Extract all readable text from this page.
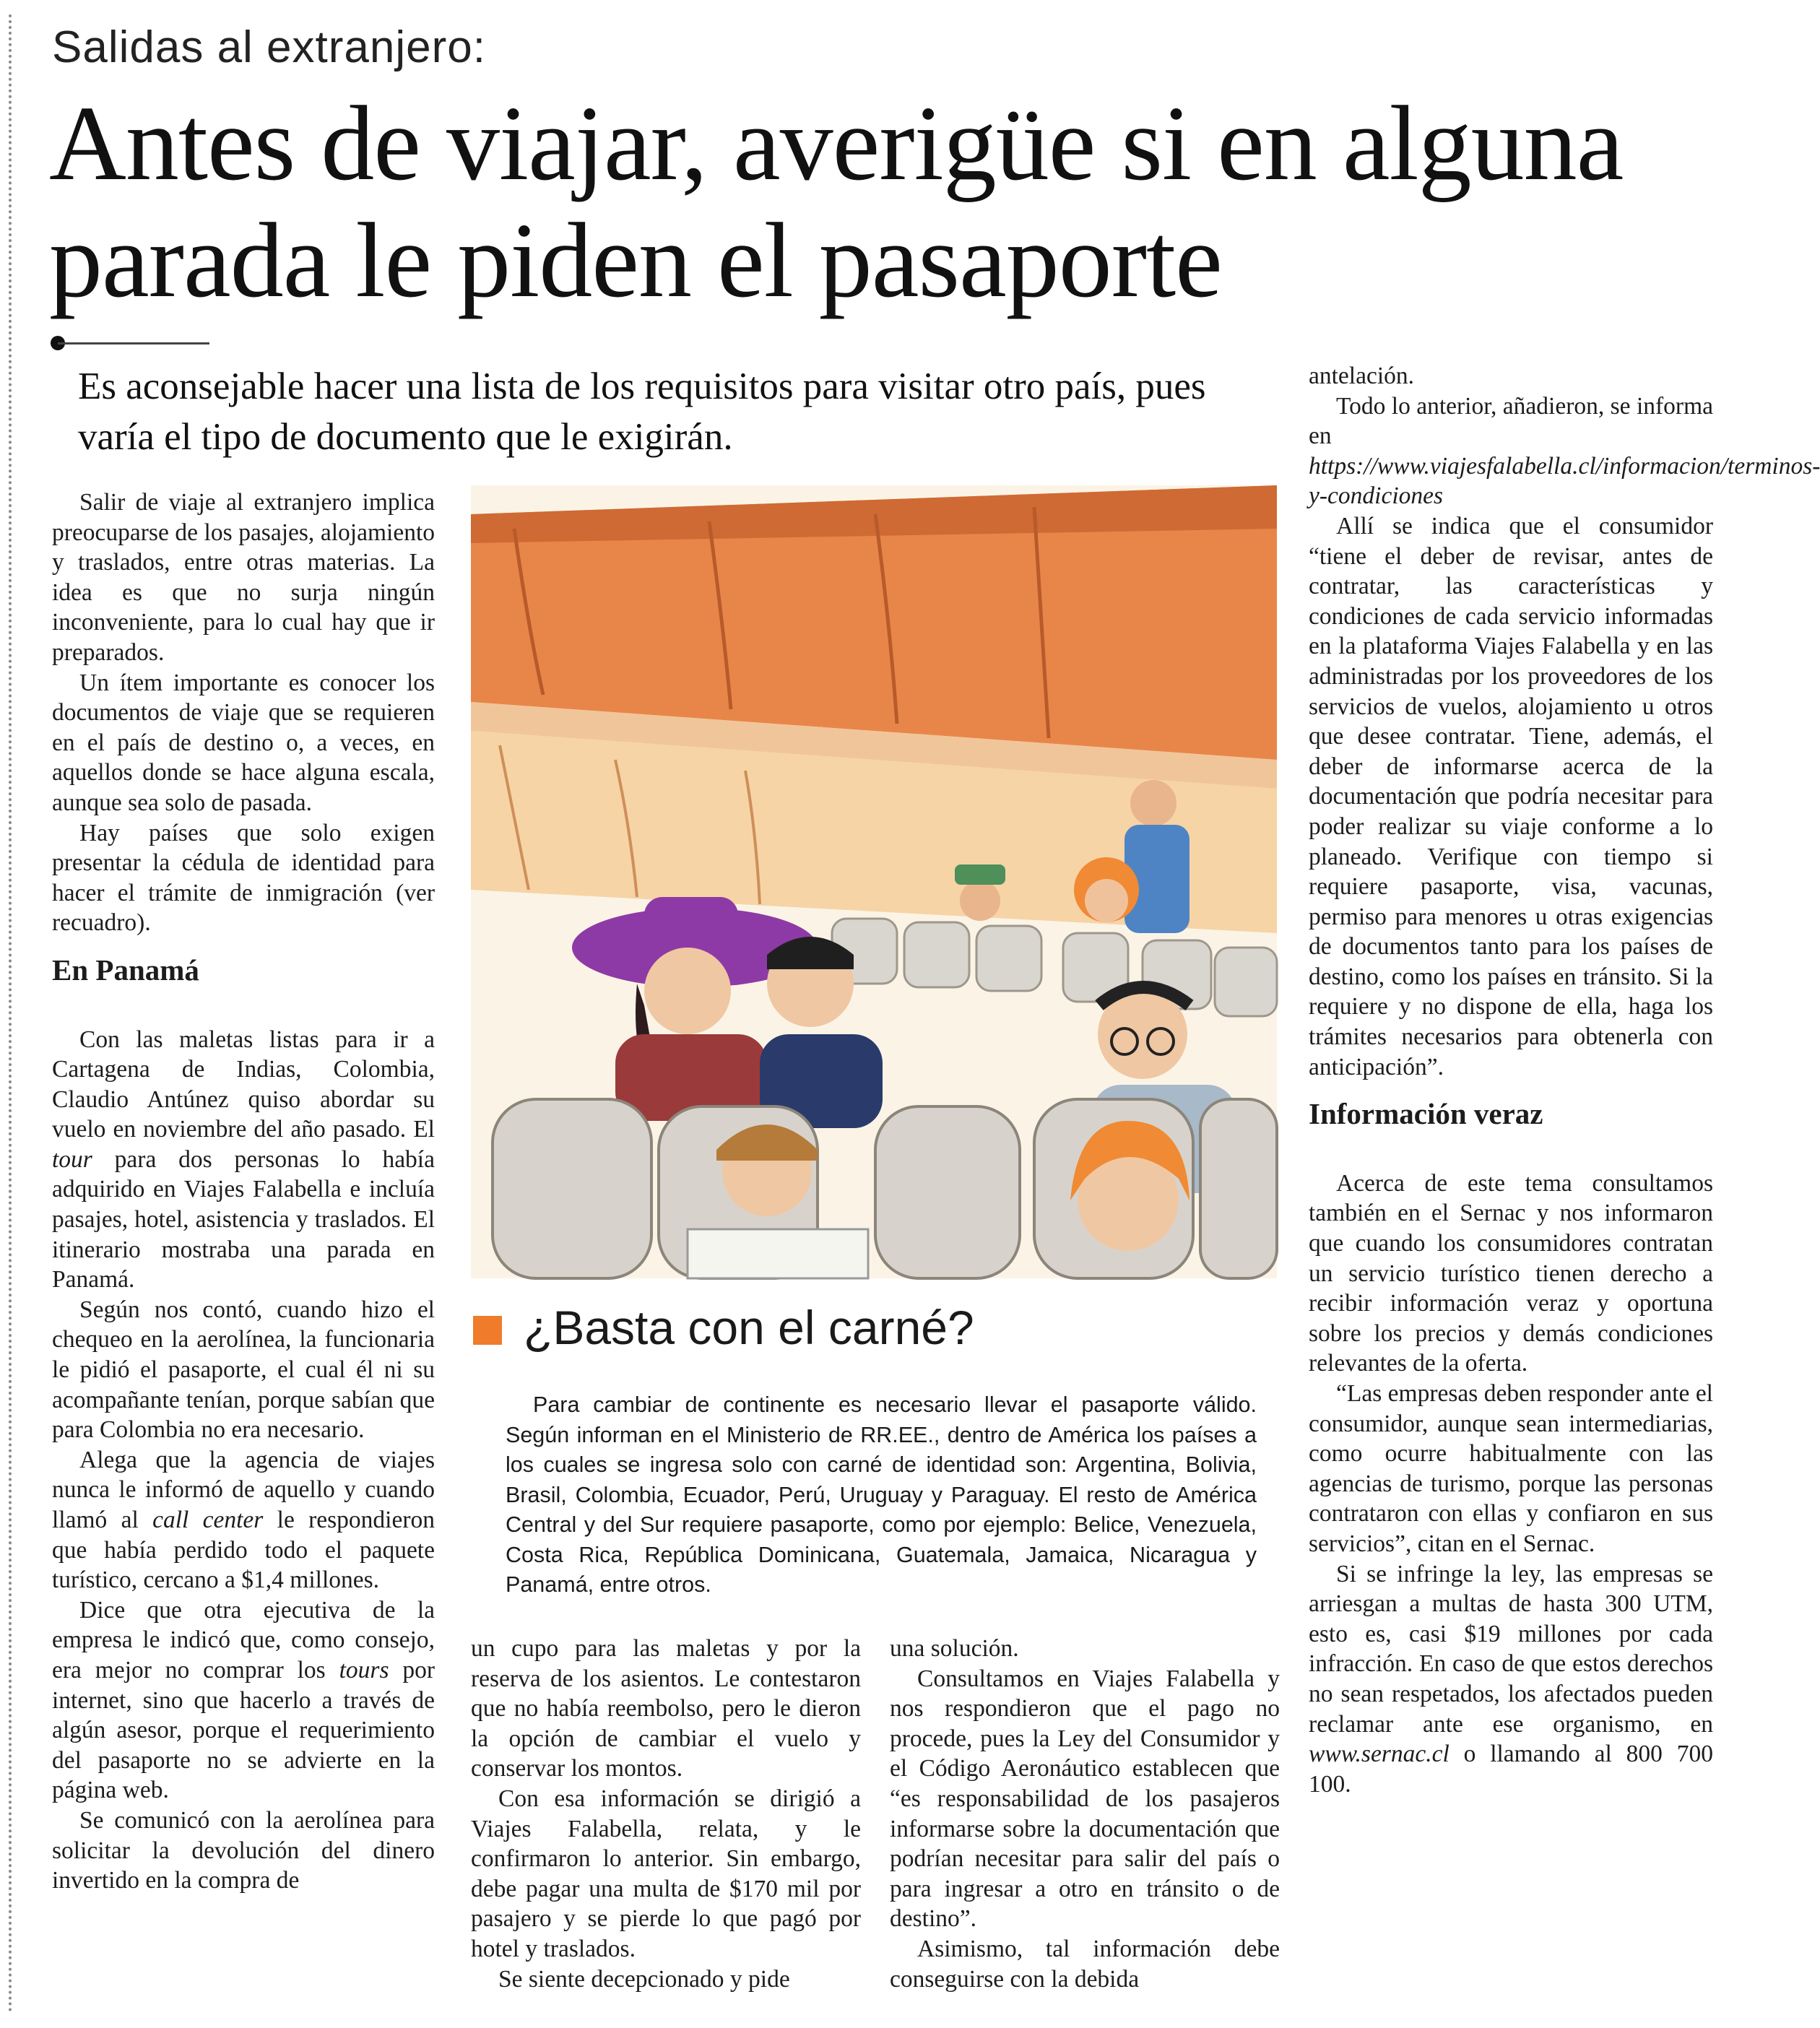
Salidas al extranjero:
Antes de viajar, averigüe si en alguna parada le piden el pasaporte
Es aconsejable hacer una lista de los requisitos para visitar otro país, pues varía el tipo de documento que le exigirán.

Salir de viaje al extranjero implica preocuparse de los pasajes, alojamiento y traslados, entre otras materias. La idea es que no surja ningún inconveniente, para lo cual hay que ir preparados.

Un ítem importante es conocer los documentos de viaje que se requieren en el país de destino o, a veces, en aquellos donde se hace alguna escala, aunque sea solo de pasada.

Hay países que solo exigen presentar la cédula de identidad para hacer el trámite de inmigración (ver recuadro).

En Panamá

Con las maletas listas para ir a Cartagena de Indias, Colombia, Claudio Antúnez quiso abordar su vuelo en noviembre del año pasado. El tour para dos personas lo había adquirido en Viajes Falabella e incluía pasajes, hotel, asistencia y traslados. El itinerario mostraba una parada en Panamá.

Según nos contó, cuando hizo el chequeo en la aerolínea, la funcionaria le pidió el pasaporte, el cual él ni su acompañante tenían, porque sabían que para Colombia no era necesario.

Alega que la agencia de viajes nunca le informó de aquello y cuando llamó al call center le respondieron que había perdido todo el paquete turístico, cercano a $1,4 millones.

Dice que otra ejecutiva de la empresa le indicó que, como consejo, era mejor no comprar los tours por internet, sino que hacerlo a través de algún asesor, porque el requerimiento del pasaporte no se advierte en la página web.

Se comunicó con la aerolínea para solicitar la devolución del dinero invertido en la compra de

¿Basta con el carné?

Para cambiar de continente es necesario llevar el pasaporte válido. Según informan en el Ministerio de RR.EE., dentro de América los países a los cuales se ingresa solo con carné de identidad son: Argentina, Bolivia, Brasil, Colombia, Ecuador, Perú, Uruguay y Paraguay. El resto de América Central y del Sur requiere pasaporte, como por ejemplo: Belice, Venezuela, Costa Rica, República Dominicana, Guatemala, Jamaica, Nicaragua y Panamá, entre otros.

un cupo para las maletas y por la reserva de los asientos. Le contestaron que no había reembolso, pero le dieron la opción de cambiar el vuelo y conservar los montos.

Con esa información se dirigió a Viajes Falabella, relata, y le confirmaron lo anterior. Sin embargo, debe pagar una multa de $170 mil por pasajero y se pierde lo que pagó por hotel y traslados.

Se siente decepcionado y pide

una solución.

Consultamos en Viajes Falabella y nos respondieron que el pago no procede, pues la Ley del Consumidor y el Código Aeronáutico establecen que “es responsabilidad de los pasajeros informarse sobre la documentación que podrían necesitar para salir del país o para ingresar a otro en tránsito o de destino”.

Asimismo, tal información debe conseguirse con la debida

antelación.

Todo lo anterior, añadieron, se informa en https://www.viajesfalabella.cl/informacion/terminos-y-condiciones

Allí se indica que el consumidor “tiene el deber de revisar, antes de contratar, las características y condiciones de cada servicio informadas en la plataforma Viajes Falabella y en las administradas por los proveedores de los servicios de vuelos, alojamiento u otros que desee contratar. Tiene, además, el deber de informarse acerca de la documentación que podría necesitar para poder realizar su viaje conforme a lo planeado. Verifique con tiempo si requiere pasaporte, visa, vacunas, permiso para menores u otras exigencias de documentos tanto para los países de destino, como los países en tránsito. Si la requiere y no dispone de ella, haga los trámites necesarios para obtenerla con anticipación”.

Información veraz

Acerca de este tema consultamos también en el Sernac y nos informaron que cuando los consumidores contratan un servicio turístico tienen derecho a recibir información veraz y oportuna sobre los precios y demás condiciones relevantes de la oferta.

“Las empresas deben responder ante el consumidor, aunque sean intermediarias, como ocurre habitualmente con las agencias de turismo, porque las personas contrataron con ellas y confiaron en sus servicios”, citan en el Sernac.

Si se infringe la ley, las empresas se arriesgan a multas de hasta 300 UTM, esto es, casi $19 millones por cada infracción. En caso de que estos derechos no sean respetados, los afectados pueden reclamar ante ese organismo, en www.sernac.cl o llamando al 800 700 100.
